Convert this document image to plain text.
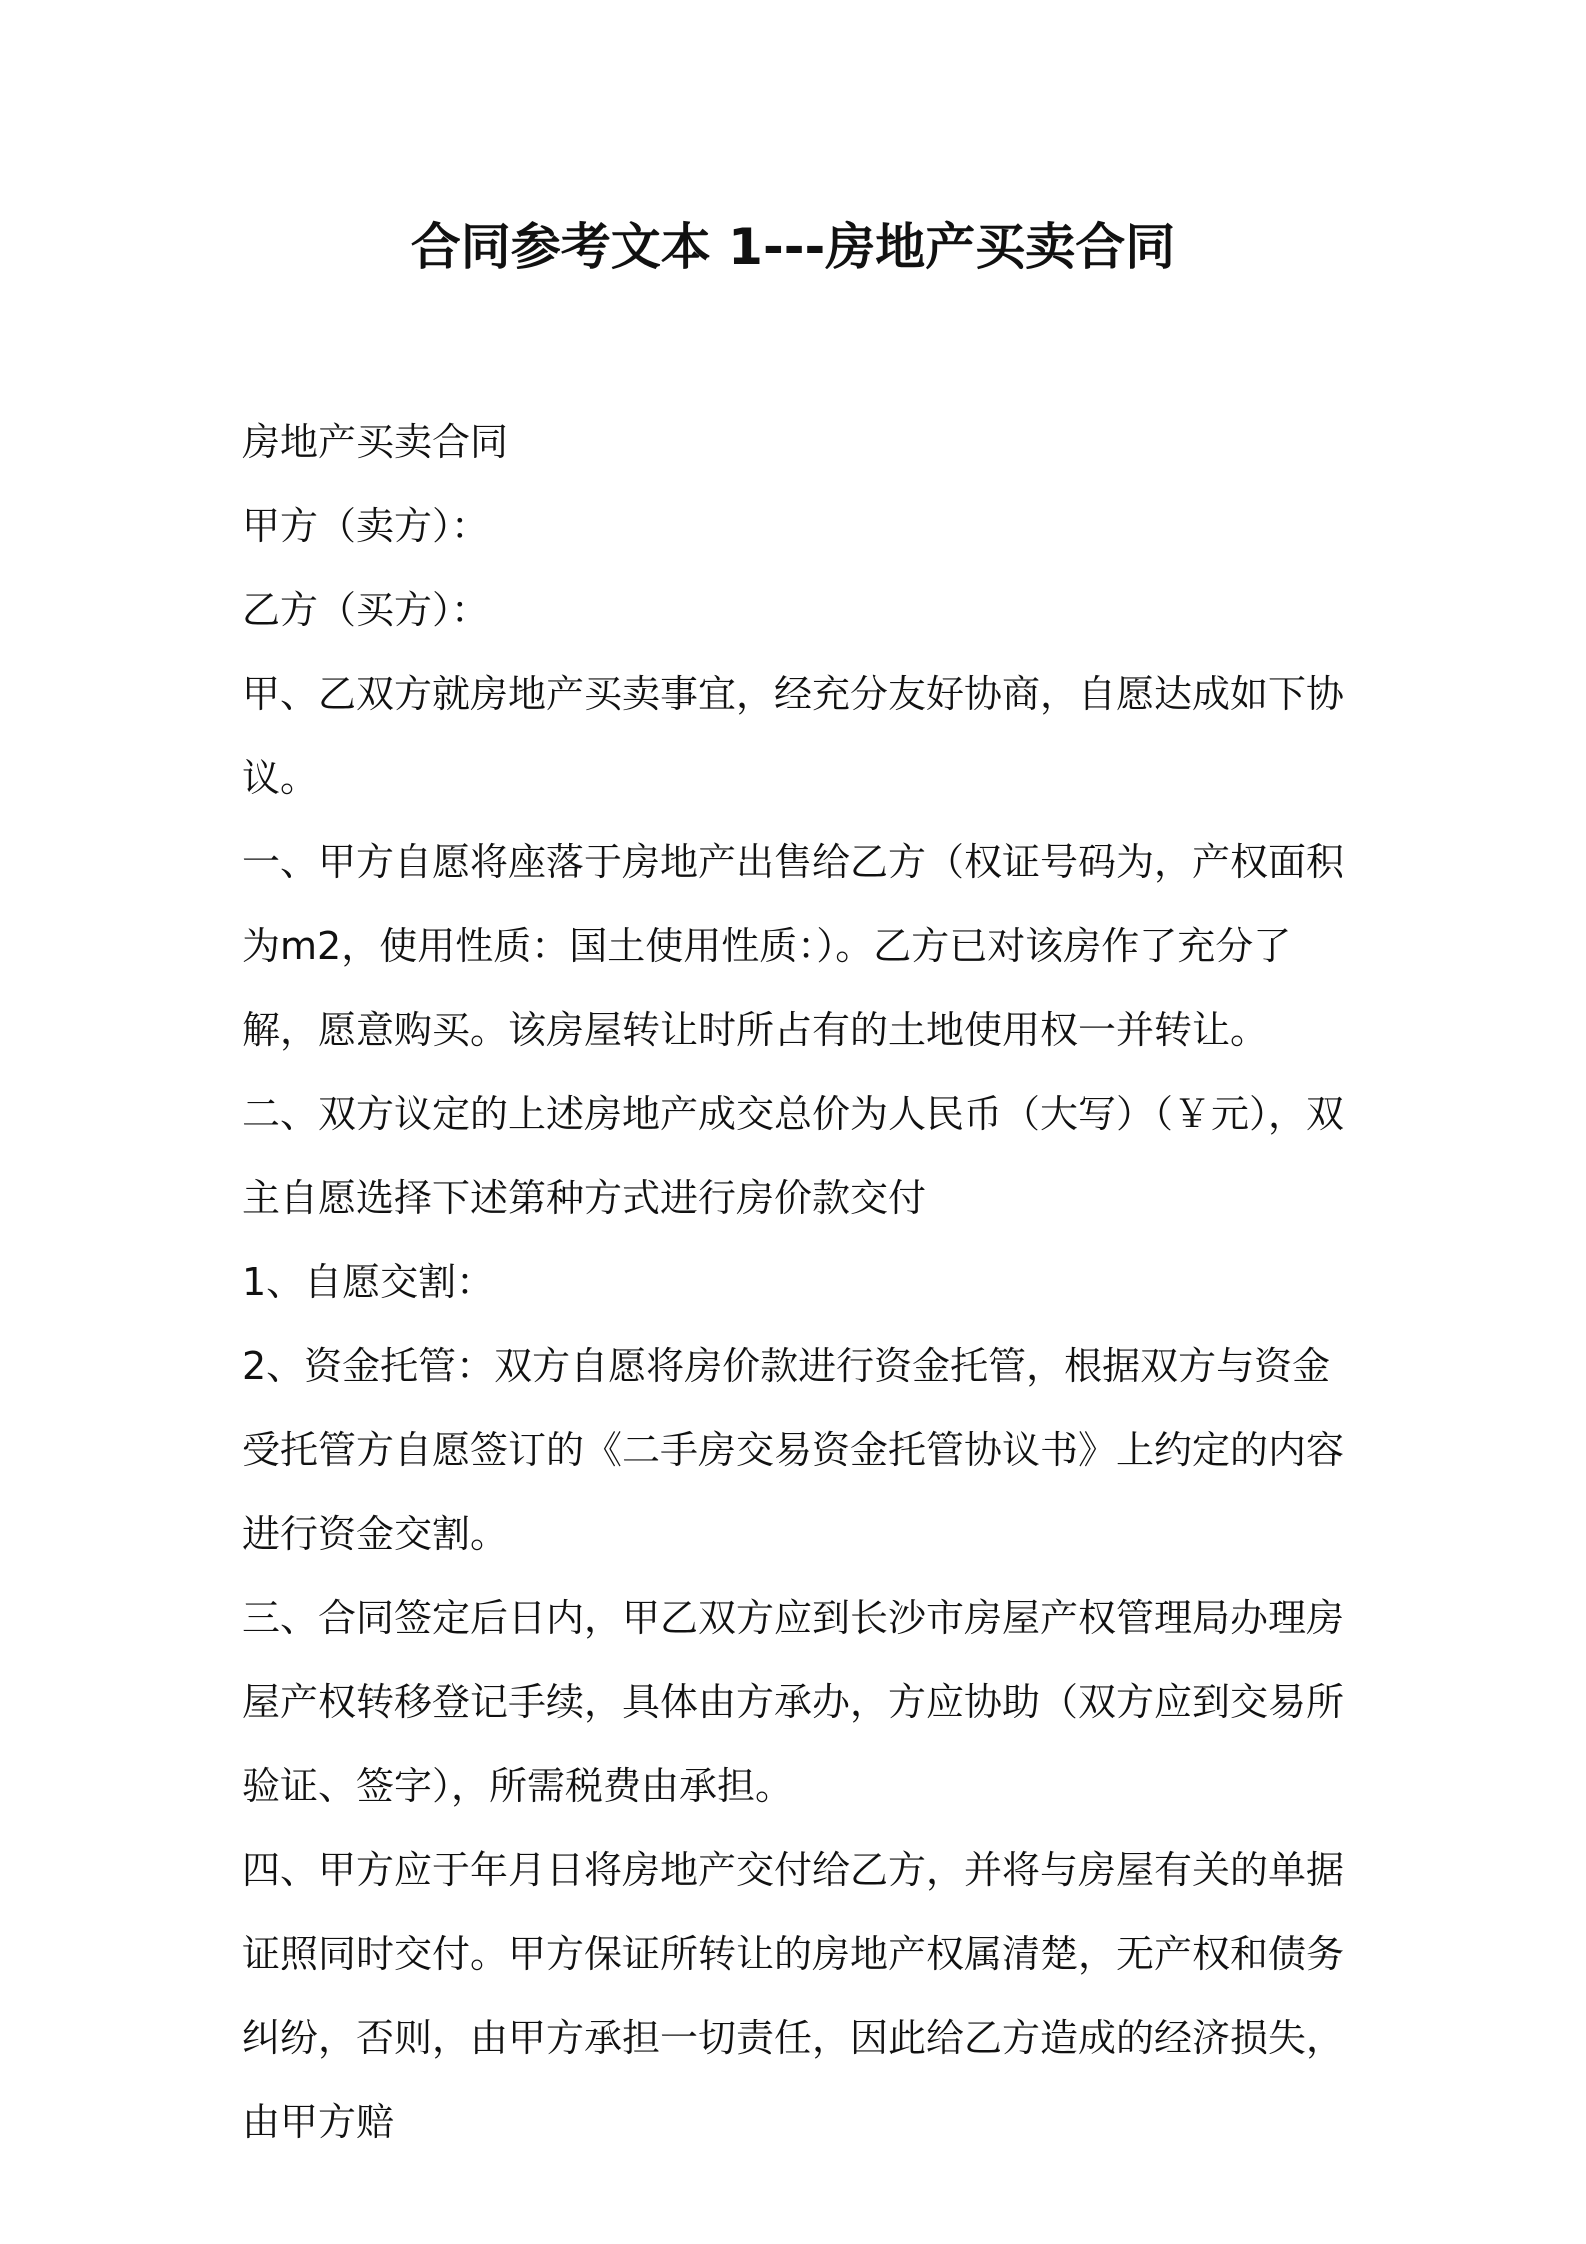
合同参考文本 1---房地产买卖合同

房地产买卖合同

甲方（卖方）：

乙方（买方）：

甲、乙双方就房地产买卖事宜，经充分友好协商，自愿达成如下协议。

一、甲方自愿将座落于房地产出售给乙方（权证号码为，产权面积为m2，使用性质：国土使用性质：）。乙方已对该房作了充分了解，愿意购买。该房屋转让时所占有的土地使用权一并转让。

二、双方议定的上述房地产成交总价为人民币（大写）（￥元），双主自愿选择下述第种方式进行房价款交付

1、自愿交割：

2、资金托管：双方自愿将房价款进行资金托管，根据双方与资金受托管方自愿签订的《二手房交易资金托管协议书》上约定的内容进行资金交割。

三、合同签定后日内，甲乙双方应到长沙市房屋产权管理局办理房屋产权转移登记手续，具体由方承办，方应协助（双方应到交易所验证、签字），所需税费由承担。

四、甲方应于年月日将房地产交付给乙方，并将与房屋有关的单据证照同时交付。甲方保证所转让的房地产权属清楚，无产权和债务纠纷，否则，由甲方承担一切责任，因此给乙方造成的经济损失，由甲方赔
